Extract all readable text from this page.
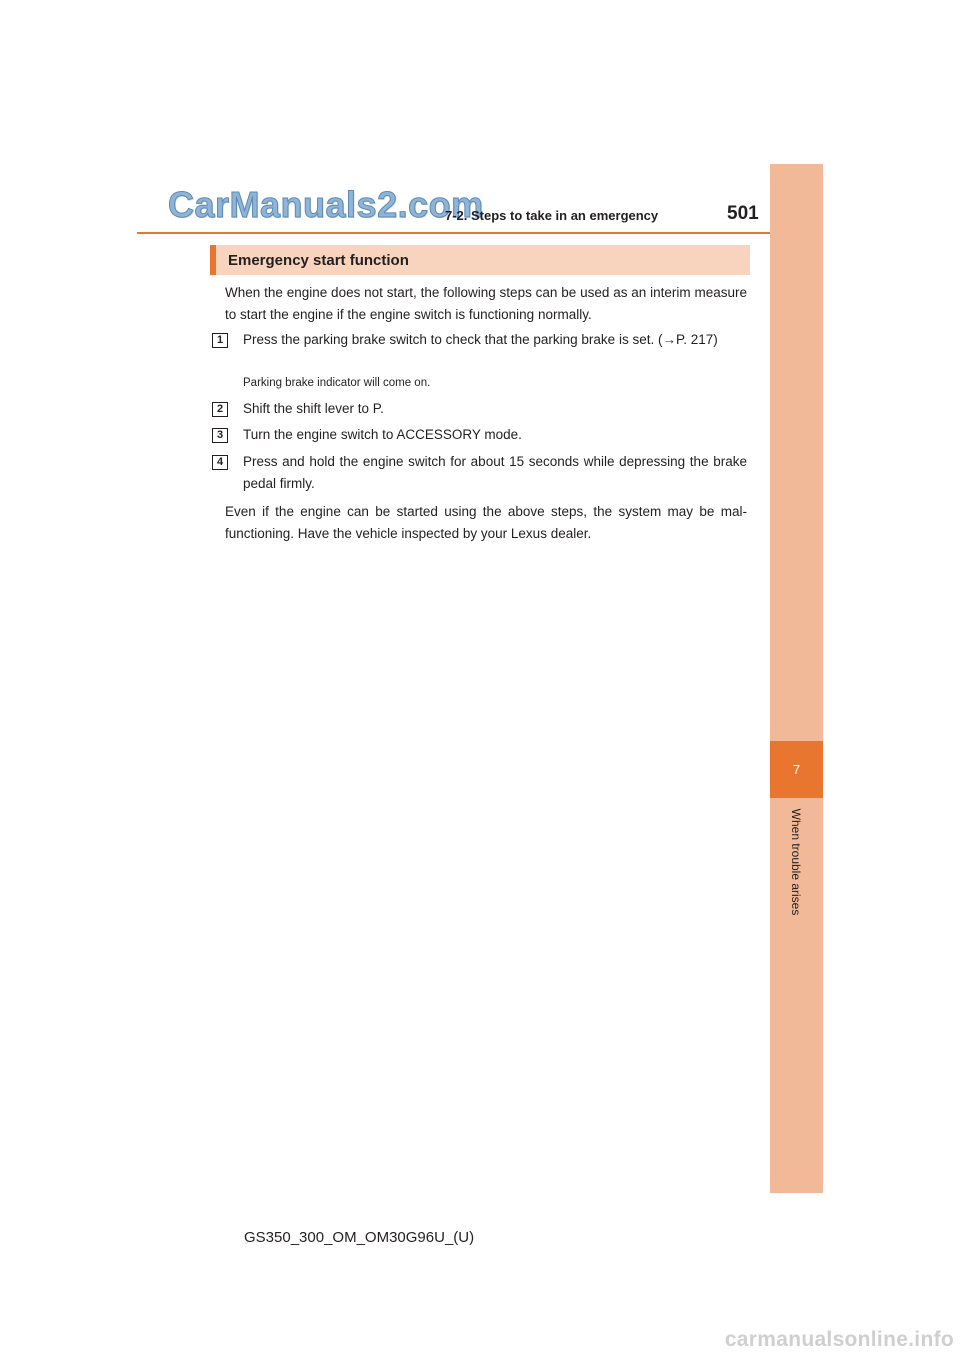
CarManuals2.com
7-2. Steps to take in an emergency	501
7
When trouble arises
Emergency start function
When the engine does not start, the following steps can be used as an interim measure to start the engine if the engine switch is functioning normally.
1	Press the parking brake switch to check that the parking brake is set. (→P. 217)
Parking brake indicator will come on.
2	Shift the shift lever to P.
3	Turn the engine switch to ACCESSORY mode.
4	Press and hold the engine switch for about 15 seconds while depressing the brake pedal firmly.
Even if the engine can be started using the above steps, the system may be mal-functioning. Have the vehicle inspected by your Lexus dealer.
GS350_300_OM_OM30G96U_(U)
carmanualsonline.info
